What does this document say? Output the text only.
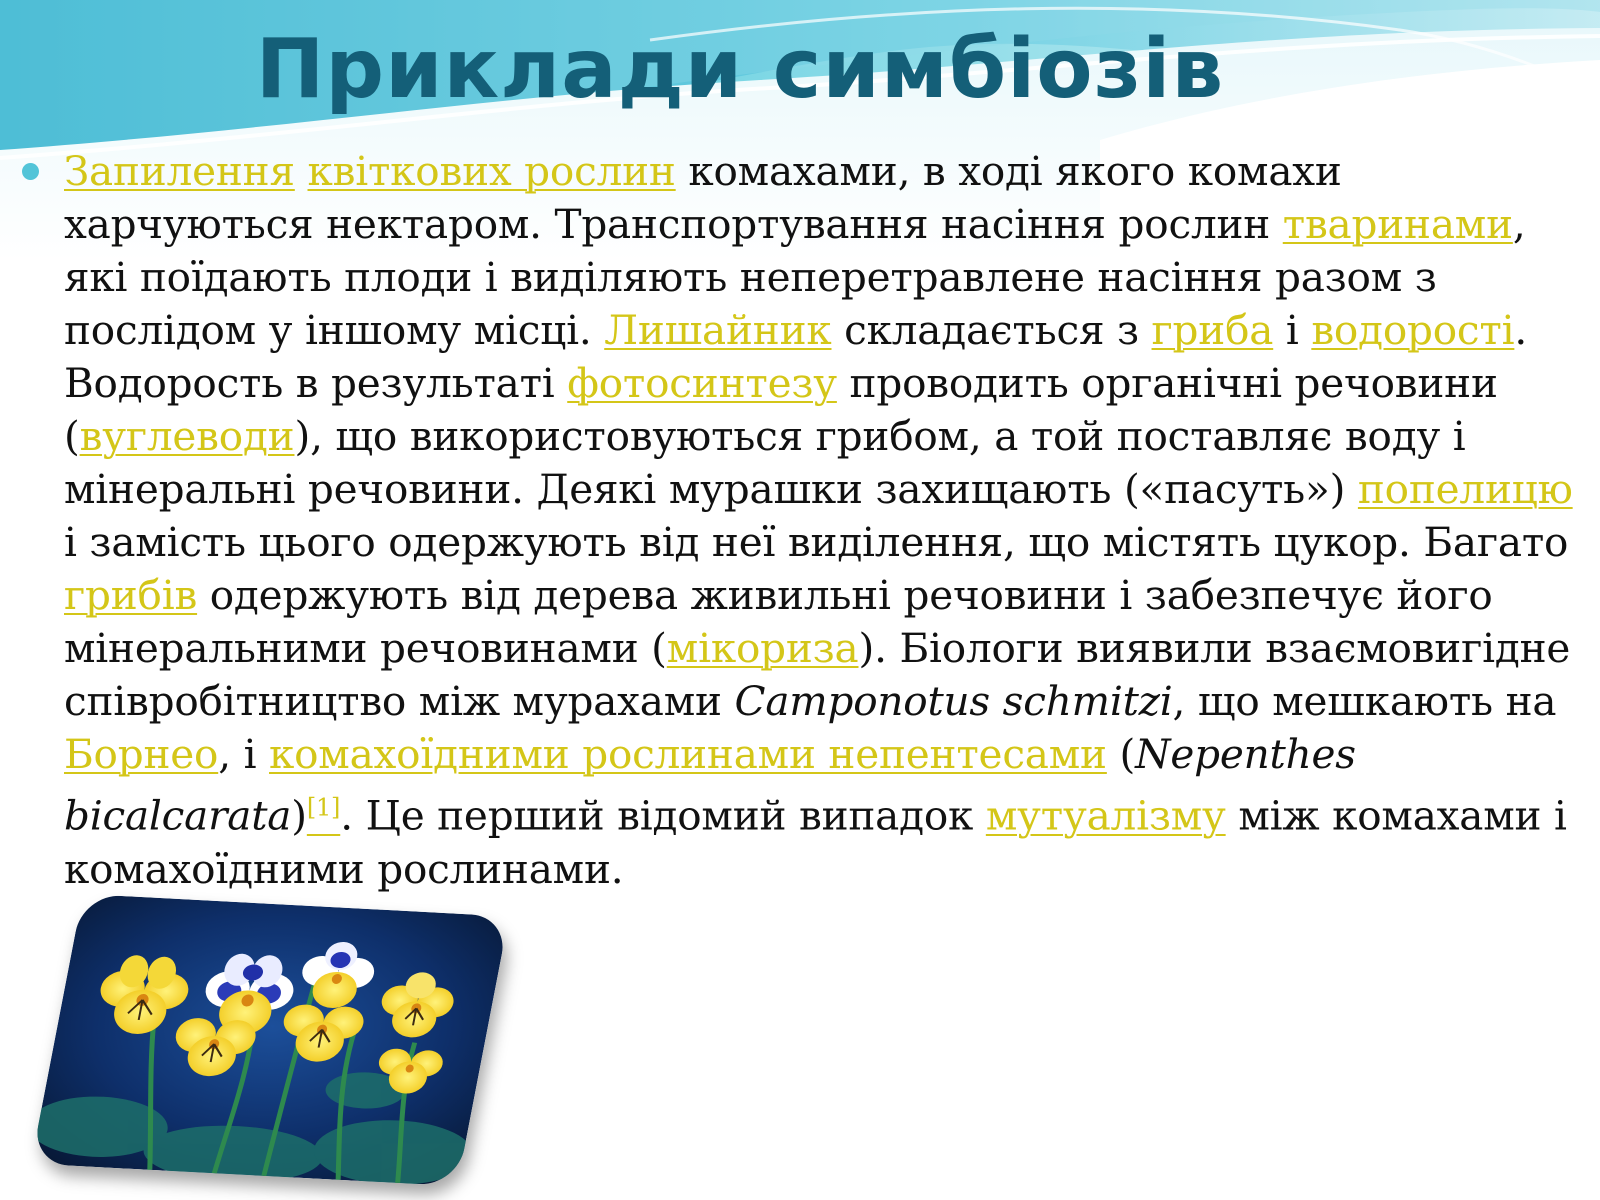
Приклади симбіозів

Запилення квіткових рослин комахами, в ході якого комахи харчуються нектаром. Транспортування насіння рослин тваринами, які поїдають плоди і виділяють неперетравлене насіння разом з послідом у іншому місці. Лишайник складається з гриба і водорості. Водорость в результаті фотосинтезу проводить органічні речовини (вуглеводи), що використовуються грибом, а той поставляє воду і мінеральні речовини. Деякі мурашки захищають («пасуть») попелицю і замість цього одержують від неї виділення, що містять цукор. Багато грибів одержують від дерева живильні речовини і забезпечує його мінеральними речовинами (мікориза). Біологи виявили взаємовигідне співробітництво між мурахами Camponotus schmitzi, що мешкають на Борнео, і комахоїдними рослинами непентесами (Nepenthes bicalcarata)[1]. Це перший відомий випадок мутуалізму між комахами і комахоїдними рослинами.
